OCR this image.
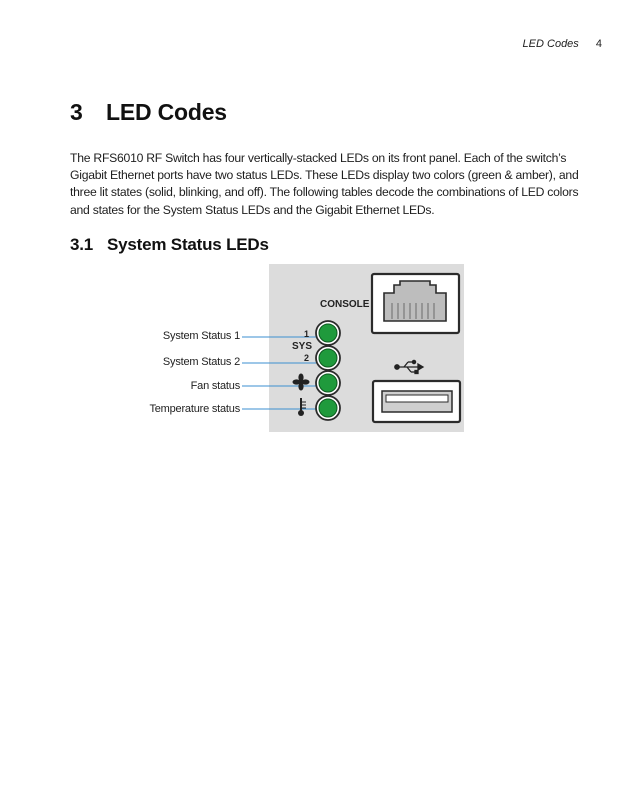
LED Codes 4
3 LED Codes

The RFS6010 RF Switch has four vertically-stacked LEDs on its front panel. Each of the switch’s Gigabit Ethernet ports have two status LEDs. These LEDs display two colors (green & amber), and three lit states (solid, blinking, and off). The following tables decode the combinations of LED colors and states for the System Status LEDs and the Gigabit Ethernet LEDs.

3.1 System Status LEDs
System Status 1
System Status 2
Fan status
Temperature status
CONSOLE
1
SYS
2
